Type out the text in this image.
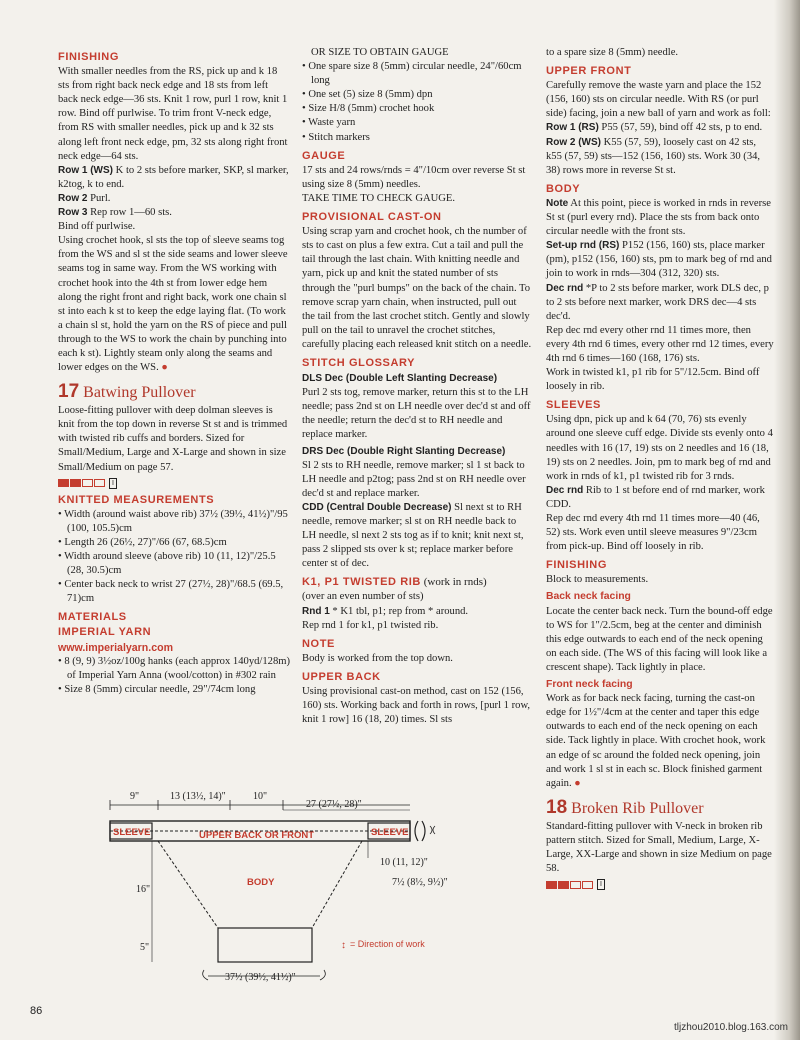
FINISHING

With smaller needles from the RS, pick up and k 18 sts from right back neck edge and 18 sts from left back neck edge—36 sts. Knit 1 row, purl 1 row, knit 1 row. Bind off purlwise. To trim front V-neck edge, from RS with smaller needles, pick up and k 32 sts along left front neck edge, pm, 32 sts along right front neck edge—64 sts.

Row 1 (WS) K to 2 sts before marker, SKP, sl marker, k2tog, k to end.

Row 2 Purl.

Row 3 Rep row 1—60 sts.

Bind off purlwise.

Using crochet hook, sl sts the top of sleeve seams tog from the WS and sl st the side seams and lower sleeve seams tog in same way. From the WS working with crochet hook into the 4th st from lower edge hem along the right front and right back, work one chain sl st into each k st to keep the edge laying flat. (To work a chain sl st, hold the yarn on the RS of piece and pull through to the WS to work the chain by punching into each k st). Lightly steam only along the seams and lower edges on the WS. ●

17 Batwing Pullover

Loose-fitting pullover with deep dolman sleeves is knit from the top down in reverse St st and is trimmed with twisted rib cuffs and borders. Sized for Small/Medium, Large and X-Large and shown in size Small/Medium on page 57.

I
KNITTED MEASUREMENTS

• Width (around waist above rib) 37½ (39½, 41½)"/95 (100, 105.5)cm

• Length 26 (26½, 27)"/66 (67, 68.5)cm

• Width around sleeve (above rib) 10 (11, 12)"/25.5 (28, 30.5)cm

• Center back neck to wrist 27 (27½, 28)"/68.5 (69.5, 71)cm

MATERIALS
IMPERIAL YARN

www.imperialyarn.com

• 8 (9, 9) 3½oz/100g hanks (each approx 140yd/128m) of Imperial Yarn Anna (wool/cotton) in #302 rain

• Size 8 (5mm) circular needle, 29"/74cm long

OR SIZE TO OBTAIN GAUGE

• One spare size 8 (5mm) circular needle, 24"/60cm long

• One set (5) size 8 (5mm) dpn

• Size H/8 (5mm) crochet hook

• Waste yarn

• Stitch markers

GAUGE

17 sts and 24 rows/rnds = 4"/10cm over reverse St st using size 8 (5mm) needles.

TAKE TIME TO CHECK GAUGE.

PROVISIONAL CAST-ON

Using scrap yarn and crochet hook, ch the number of sts to cast on plus a few extra. Cut a tail and pull the tail through the last chain. With knitting needle and yarn, pick up and knit the stated number of sts through the "purl bumps" on the back of the chain. To remove scrap yarn chain, when instructed, pull out the tail from the last crochet stitch. Gently and slowly pull on the tail to unravel the crochet stitches, carefully placing each released knit stitch on a needle.

STITCH GLOSSARY

DLS Dec (Double Left Slanting Decrease)

Purl 2 sts tog, remove marker, return this st to the LH needle; pass 2nd st on LH needle over dec'd st and off the needle; return the dec'd st to RH needle and replace marker.

DRS Dec (Double Right Slanting Decrease)

Sl 2 sts to RH needle, remove marker; sl 1 st back to LH needle and p2tog; pass 2nd st on RH needle over dec'd st and replace marker.

CDD (Central Double Decrease) Sl next st to RH needle, remove marker; sl st on RH needle back to LH needle, sl next 2 sts tog as if to knit; knit next st, pass 2 slipped sts over k st; replace marker before center st of dec.

K1, P1 TWISTED RIB (work in rnds)

(over an even number of sts)

Rnd 1 * K1 tbl, p1; rep from * around.

Rep rnd 1 for k1, p1 twisted rib.

NOTE

Body is worked from the top down.

UPPER BACK

Using provisional cast-on method, cast on 152 (156, 160) sts. Working back and forth in rows, [purl 1 row, knit 1 row] 16 (18, 20) times. Sl sts

to a spare size 8 (5mm) needle.

UPPER FRONT

Carefully remove the waste yarn and place the 152 (156, 160) sts on circular needle. With RS (or purl side) facing, join a new ball of yarn and work as foll:

Row 1 (RS) P55 (57, 59), bind off 42 sts, p to end.

Row 2 (WS) K55 (57, 59), loosely cast on 42 sts, k55 (57, 59) sts—152 (156, 160) sts. Work 30 (34, 38) rows more in reverse St st.

BODY

Note At this point, piece is worked in rnds in reverse St st (purl every rnd). Place the sts from back onto circular needle with the front sts.

Set-up rnd (RS) P152 (156, 160) sts, place marker (pm), p152 (156, 160) sts, pm to mark beg of rnd and join to work in rnds—304 (312, 320) sts.

Dec rnd *P to 2 sts before marker, work DLS dec, p to 2 sts before next marker, work DRS dec—4 sts dec'd.

Rep dec rnd every other rnd 11 times more, then every 4th rnd 6 times, every other rnd 12 times, every 4th rnd 6 times—160 (168, 176) sts.

Work in twisted k1, p1 rib for 5"/12.5cm. Bind off loosely in rib.

SLEEVES

Using dpn, pick up and k 64 (70, 76) sts evenly around one sleeve cuff edge. Divide sts evenly onto 4 needles with 16 (17, 19) sts on 2 needles and 16 (18, 19) sts on 2 needles. Join, pm to mark beg of rnd and work in rnds of k1, p1 twisted rib for 3 rnds.

Dec rnd Rib to 1 st before end of rnd marker, work CDD.

Rep dec rnd every 4th rnd 11 times more—40 (46, 52) sts. Work even until sleeve measures 9"/23cm from pick-up. Bind off loosely in rib.

FINISHING

Block to measurements.

Back neck facing

Locate the center back neck. Turn the bound-off edge to WS for 1"/2.5cm, beg at the center and diminish this edge outwards to each end of the neck opening on each side. (The WS of this facing will look like a crescent shape). Tack lightly in place.

Front neck facing

Work as for back neck facing, turning the cast-on edge for 1½"/4cm at the center and taper this edge outwards to each end of the neck opening on each side. Tack lightly in place. With crochet hook, work an edge of sc around the folded neck opening, join and work 1 sl st in each sc. Block finished garment again. ●

18 Broken Rib Pullover

Standard-fitting pullover with V-neck in broken rib pattern stitch. Sized for Small, Medium, Large, X-Large, XX-Large and shown in size Medium on page 58.

I
9"	13 (13½, 14)"	10"
27 (27½, 28)"
SLEEVE	SLEEVE
UPPER BACK OR FRONT
BODY
16"
5"
10 (11, 12)"
7½ (8½, 9½)"
↕ = Direction of work
37½ (39½, 41½)"
86
tljzhou2010.blog.163.com
